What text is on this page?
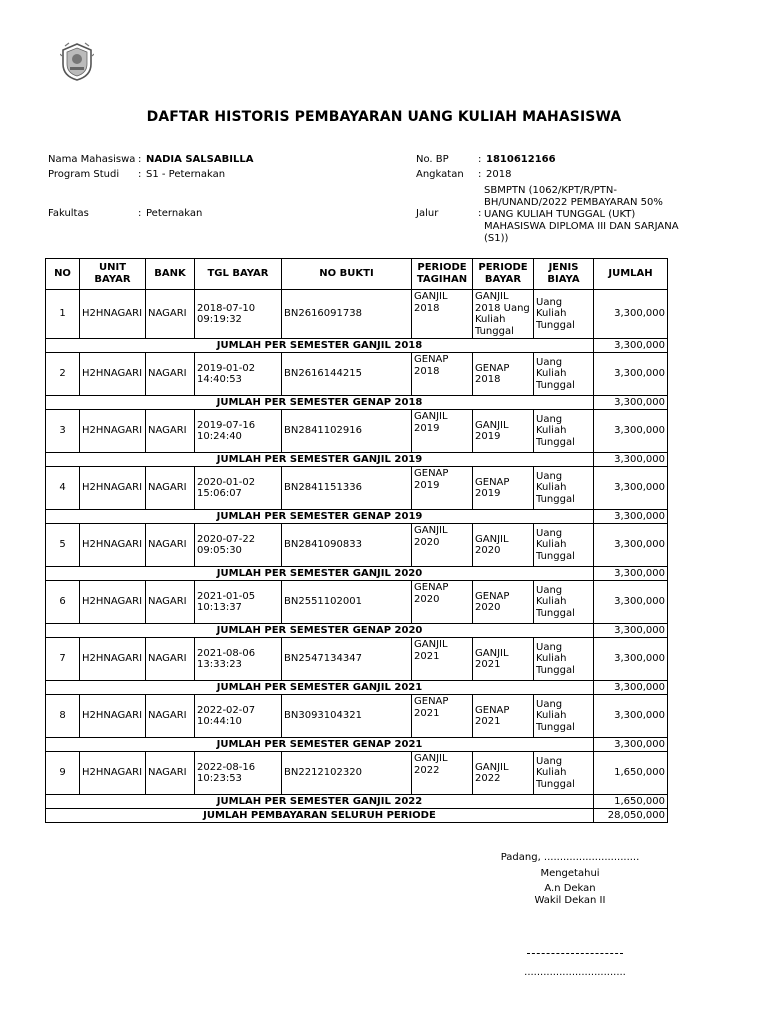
DAFTAR HISTORIS PEMBAYARAN UANG KULIAH MAHASISWA
Nama Mahasiswa : NADIA SALSABILLA
Program Studi : S1 - Peternakan
Fakultas	: Peternakan
No. BP	: 1810612166
Angkatan : 2018
Jalur	:
SBMPTN (1062/KPT/R/PTN-BH/UNAND/2022 PEMBAYARAN 50% UANG KULIAH TUNGGAL (UKT) MAHASISWA DIPLOMA III DAN SARJANA (S1))
NO	UNIT BAYAR	BANK	TGL BAYAR	NO BUKTI	PERIODE TAGIHAN	PERIODE BAYAR	JENIS BIAYA	JUMLAH
1	H2HNAGARI	NAGARI	2018-07-10 09:19:32	BN2616091738	GANJIL 2018	GANJIL 2018 Uang Kuliah Tunggal	Uang Kuliah Tunggal	3,300,000
JUMLAH PER SEMESTER GANJIL 2018								3,300,000
2	H2HNAGARI	NAGARI	2019-01-02 14:40:53	BN2616144215	GENAP 2018	GENAP 2018	Uang Kuliah Tunggal	3,300,000
JUMLAH PER SEMESTER GENAP 2018								3,300,000
3	H2HNAGARI	NAGARI	2019-07-16 10:24:40	BN2841102916	GANJIL 2019	GANJIL 2019	Uang Kuliah Tunggal	3,300,000
JUMLAH PER SEMESTER GANJIL 2019								3,300,000
4	H2HNAGARI	NAGARI	2020-01-02 15:06:07	BN2841151336	GENAP 2019	GENAP 2019	Uang Kuliah Tunggal	3,300,000
JUMLAH PER SEMESTER GENAP 2019								3,300,000
5	H2HNAGARI	NAGARI	2020-07-22 09:05:30	BN2841090833	GANJIL 2020	GANJIL 2020	Uang Kuliah Tunggal	3,300,000
JUMLAH PER SEMESTER GANJIL 2020								3,300,000
6	H2HNAGARI	NAGARI	2021-01-05 10:13:37	BN2551102001	GENAP 2020	GENAP 2020	Uang Kuliah Tunggal	3,300,000
JUMLAH PER SEMESTER GENAP 2020								3,300,000
7	H2HNAGARI	NAGARI	2021-08-06 13:33:23	BN2547134347	GANJIL 2021	GANJIL 2021	Uang Kuliah Tunggal	3,300,000
JUMLAH PER SEMESTER GANJIL 2021								3,300,000
8	H2HNAGARI	NAGARI	2022-02-07 10:44:10	BN3093104321	GENAP 2021	GENAP 2021	Uang Kuliah Tunggal	3,300,000
JUMLAH PER SEMESTER GENAP 2021								3,300,000
9	H2HNAGARI	NAGARI	2022-08-16 10:23:53	BN2212102320	GANJIL 2022	GANJIL 2022	Uang Kuliah Tunggal	1,650,000
JUMLAH PER SEMESTER GANJIL 2022								1,650,000
JUMLAH PEMBAYARAN SELURUH PERIODE								28,050,000
Padang, ..............................
Mengetahui
A.n Dekan
Wakil Dekan II
................................
